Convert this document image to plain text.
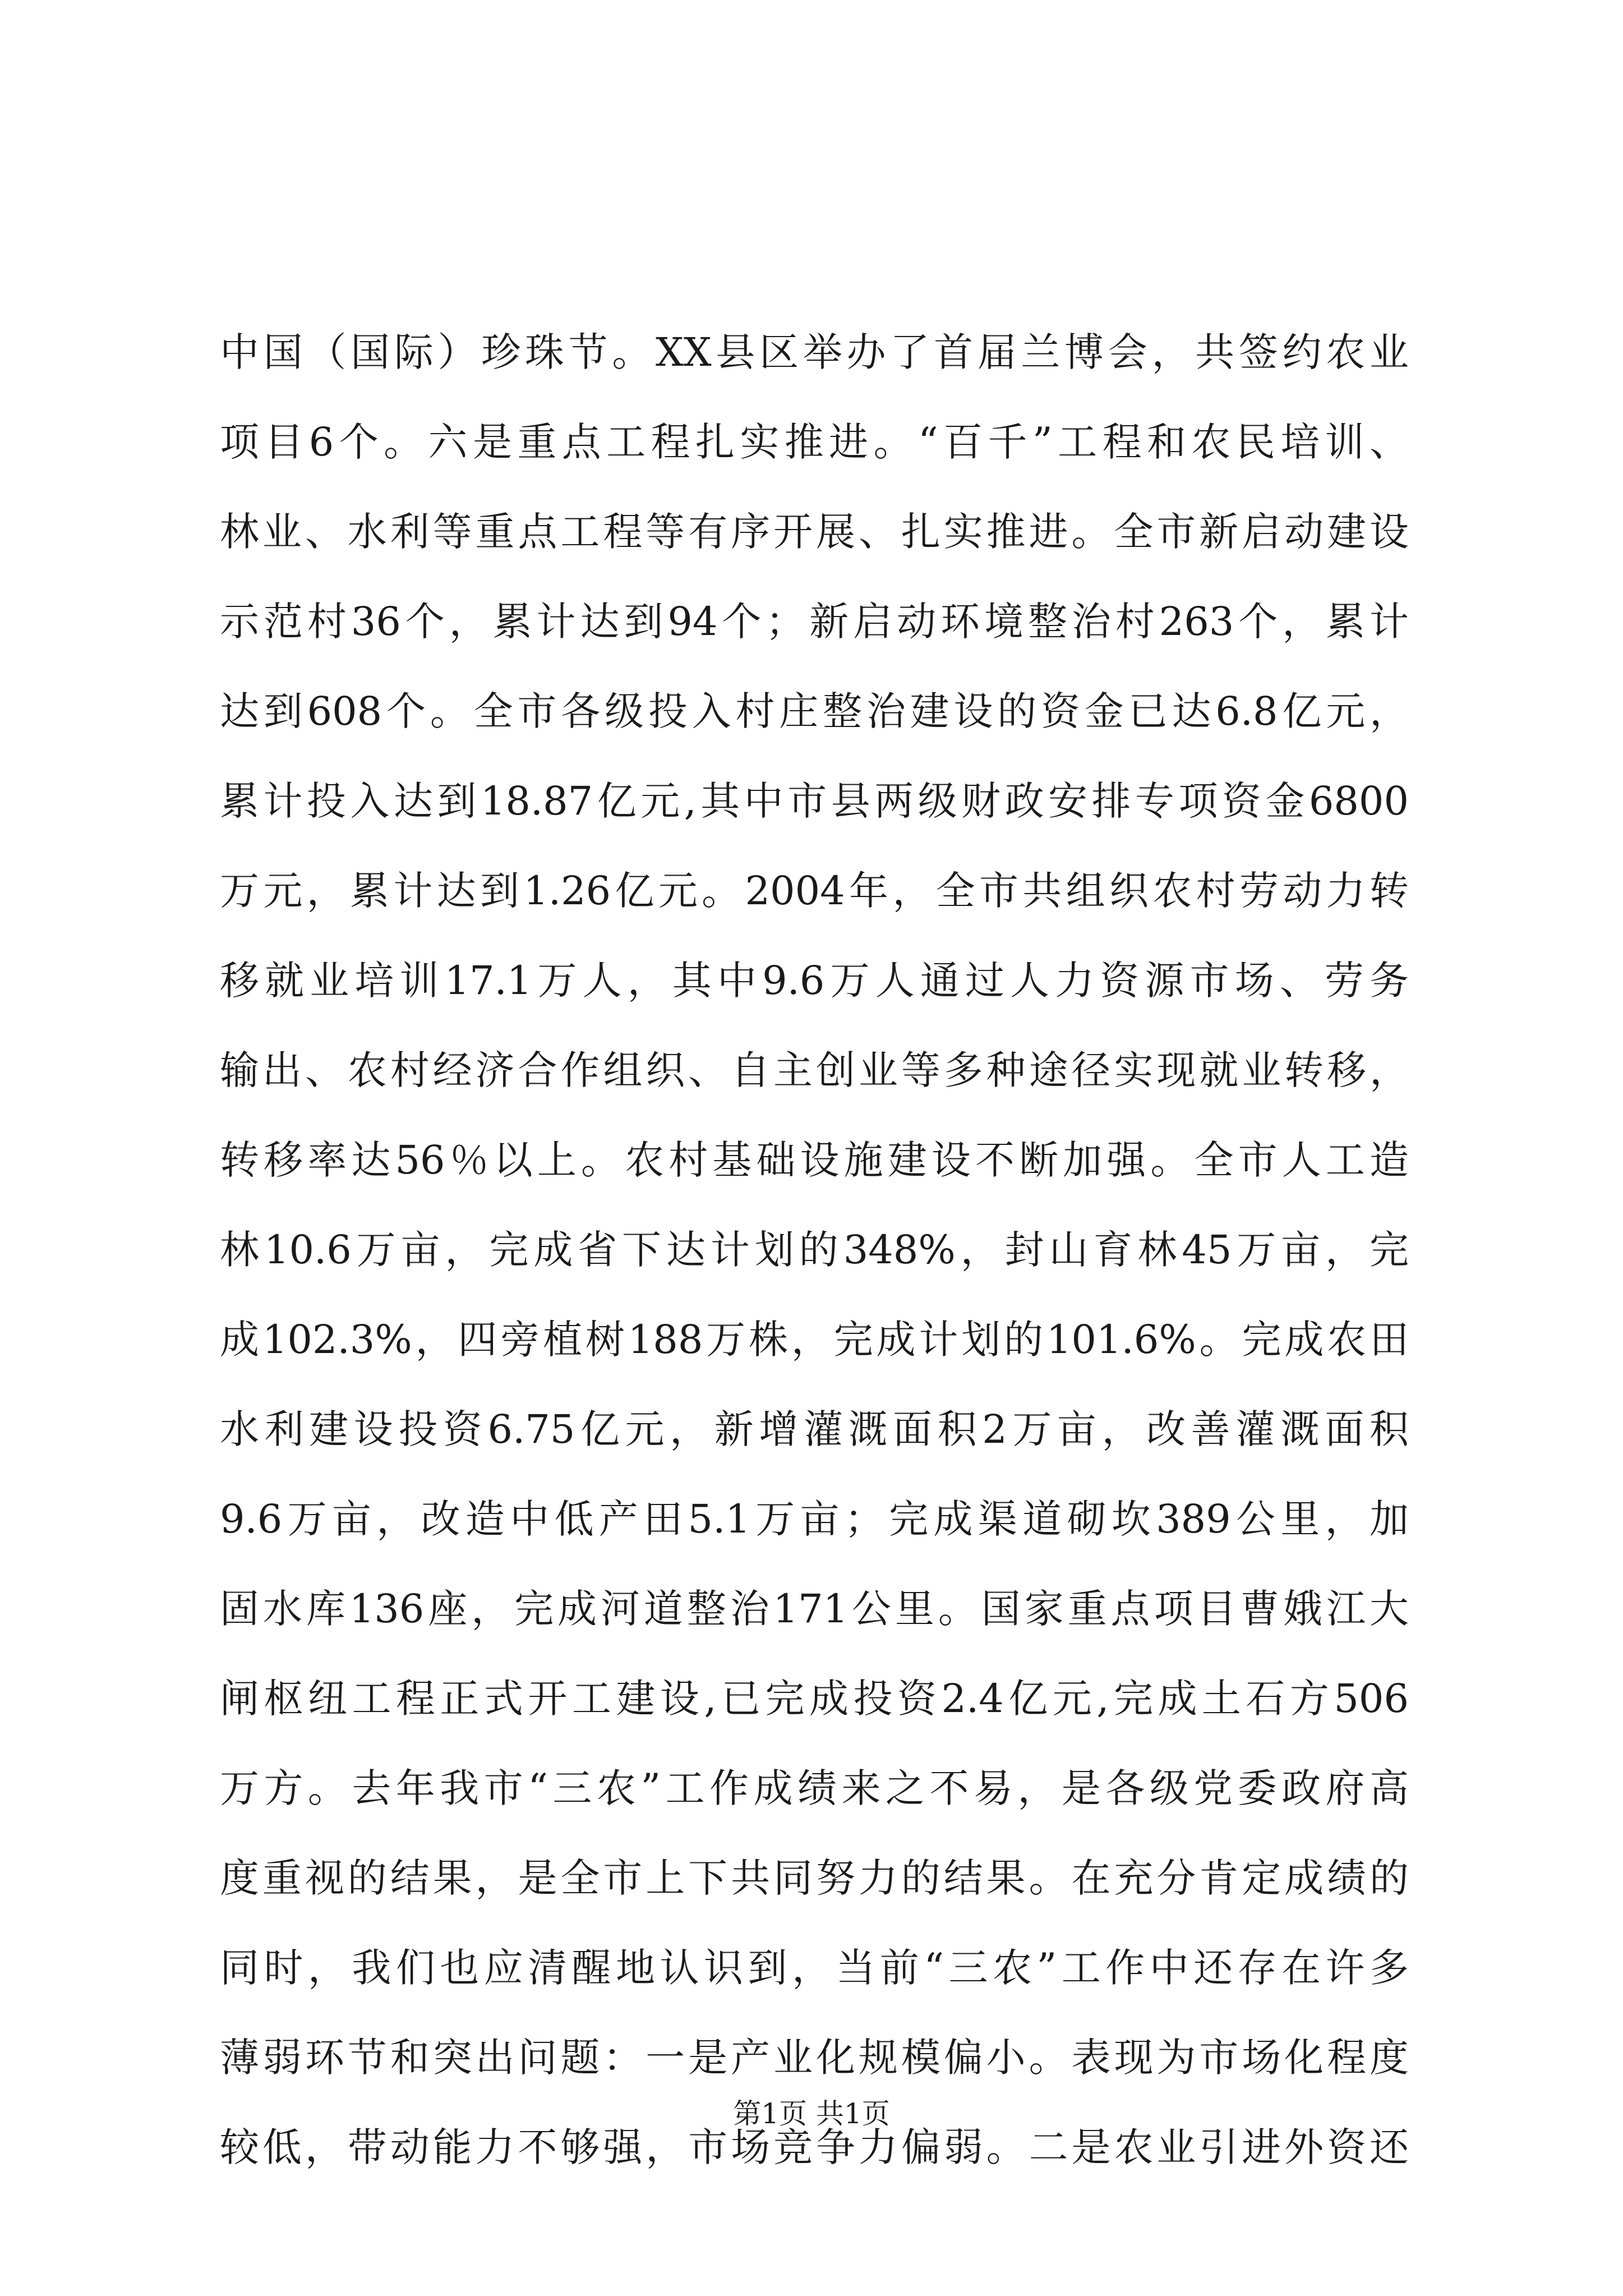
中国（国际）珍珠节。XX县区举办了首届兰博会，共签约农业
项目6个。六是重点工程扎实推进。“百千”工程和农民培训、
林业、水利等重点工程等有序开展、扎实推进。全市新启动建设
示范村36个，累计达到94个；新启动环境整治村263个，累计
达到608个。全市各级投入村庄整治建设的资金已达6.8亿元，
累计投入达到18.87亿元,其中市县两级财政安排专项资金6800
万元，累计达到1.26亿元。2004年，全市共组织农村劳动力转
移就业培训17.1万人，其中9.6万人通过人力资源市场、劳务
输出、农村经济合作组织、自主创业等多种途径实现就业转移，
转移率达56％以上。农村基础设施建设不断加强。全市人工造
林10.6万亩，完成省下达计划的348%，封山育林45万亩，完
成102.3%，四旁植树188万株，完成计划的101.6%。完成农田
水利建设投资6.75亿元，新增灌溉面积2万亩，改善灌溉面积
9.6万亩，改造中低产田5.1万亩；完成渠道砌坎389公里，加
固水库136座，完成河道整治171公里。国家重点项目曹娥江大
闸枢纽工程正式开工建设,已完成投资2.4亿元,完成土石方506
万方。去年我市“三农”工作成绩来之不易，是各级党委政府高
度重视的结果，是全市上下共同努力的结果。在充分肯定成绩的
同时，我们也应清醒地认识到，当前“三农”工作中还存在许多
薄弱环节和突出问题：一是产业化规模偏小。表现为市场化程度
较低，带动能力不够强，市场竞争力偏弱。二是农业引进外资还
第1页 共1页
